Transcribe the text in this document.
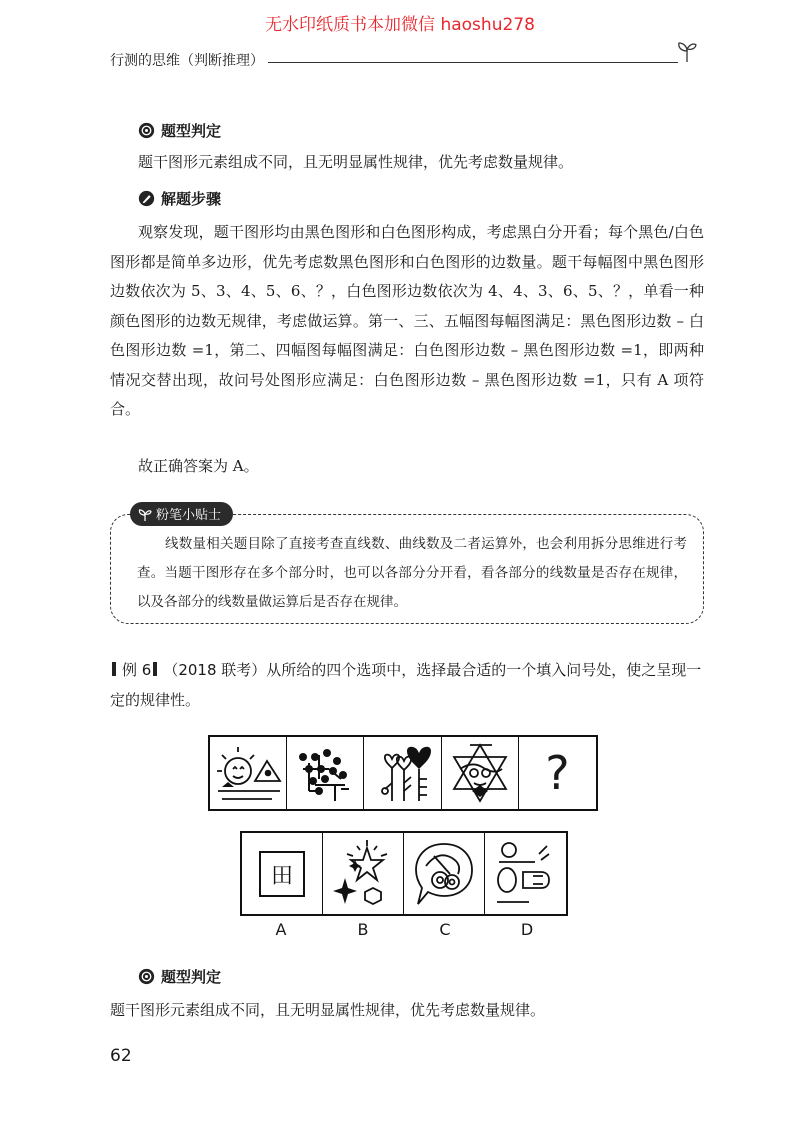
无水印纸质书本加微信 haoshu278
行测的思维（判断推理）
题型判定

题干图形元素组成不同，且无明显属性规律，优先考虑数量规律。

解题步骤

观察发现，题干图形均由黑色图形和白色图形构成，考虑黑白分开看；每个黑色/白色图形都是简单多边形，优先考虑数黑色图形和白色图形的边数量。题干每幅图中黑色图形边数依次为 5、3、4、5、6、？，白色图形边数依次为 4、4、3、6、5、？，单看一种颜色图形的边数无规律，考虑做运算。第一、三、五幅图每幅图满足：黑色图形边数 – 白色图形边数 =1，第二、四幅图每幅图满足：白色图形边数 – 黑色图形边数 =1，即两种情况交替出现，故问号处图形应满足：白色图形边数 – 黑色图形边数 =1，只有 A 项符合。

故正确答案为 A。

粉笔小贴士

线数量相关题目除了直接考查直线数、曲线数及二者运算外，也会利用拆分思维进行考查。当题干图形存在多个部分时，也可以各部分分开看，看各部分的线数量是否存在规律，以及各部分的线数量做运算后是否存在规律。

例 6 （2018 联考）从所给的四个选项中，选择最合适的一个填入问号处，使之呈现一定的规律性。

?
田
A	B	C	D
题型判定

题干图形元素组成不同，且无明显属性规律，优先考虑数量规律。

62
